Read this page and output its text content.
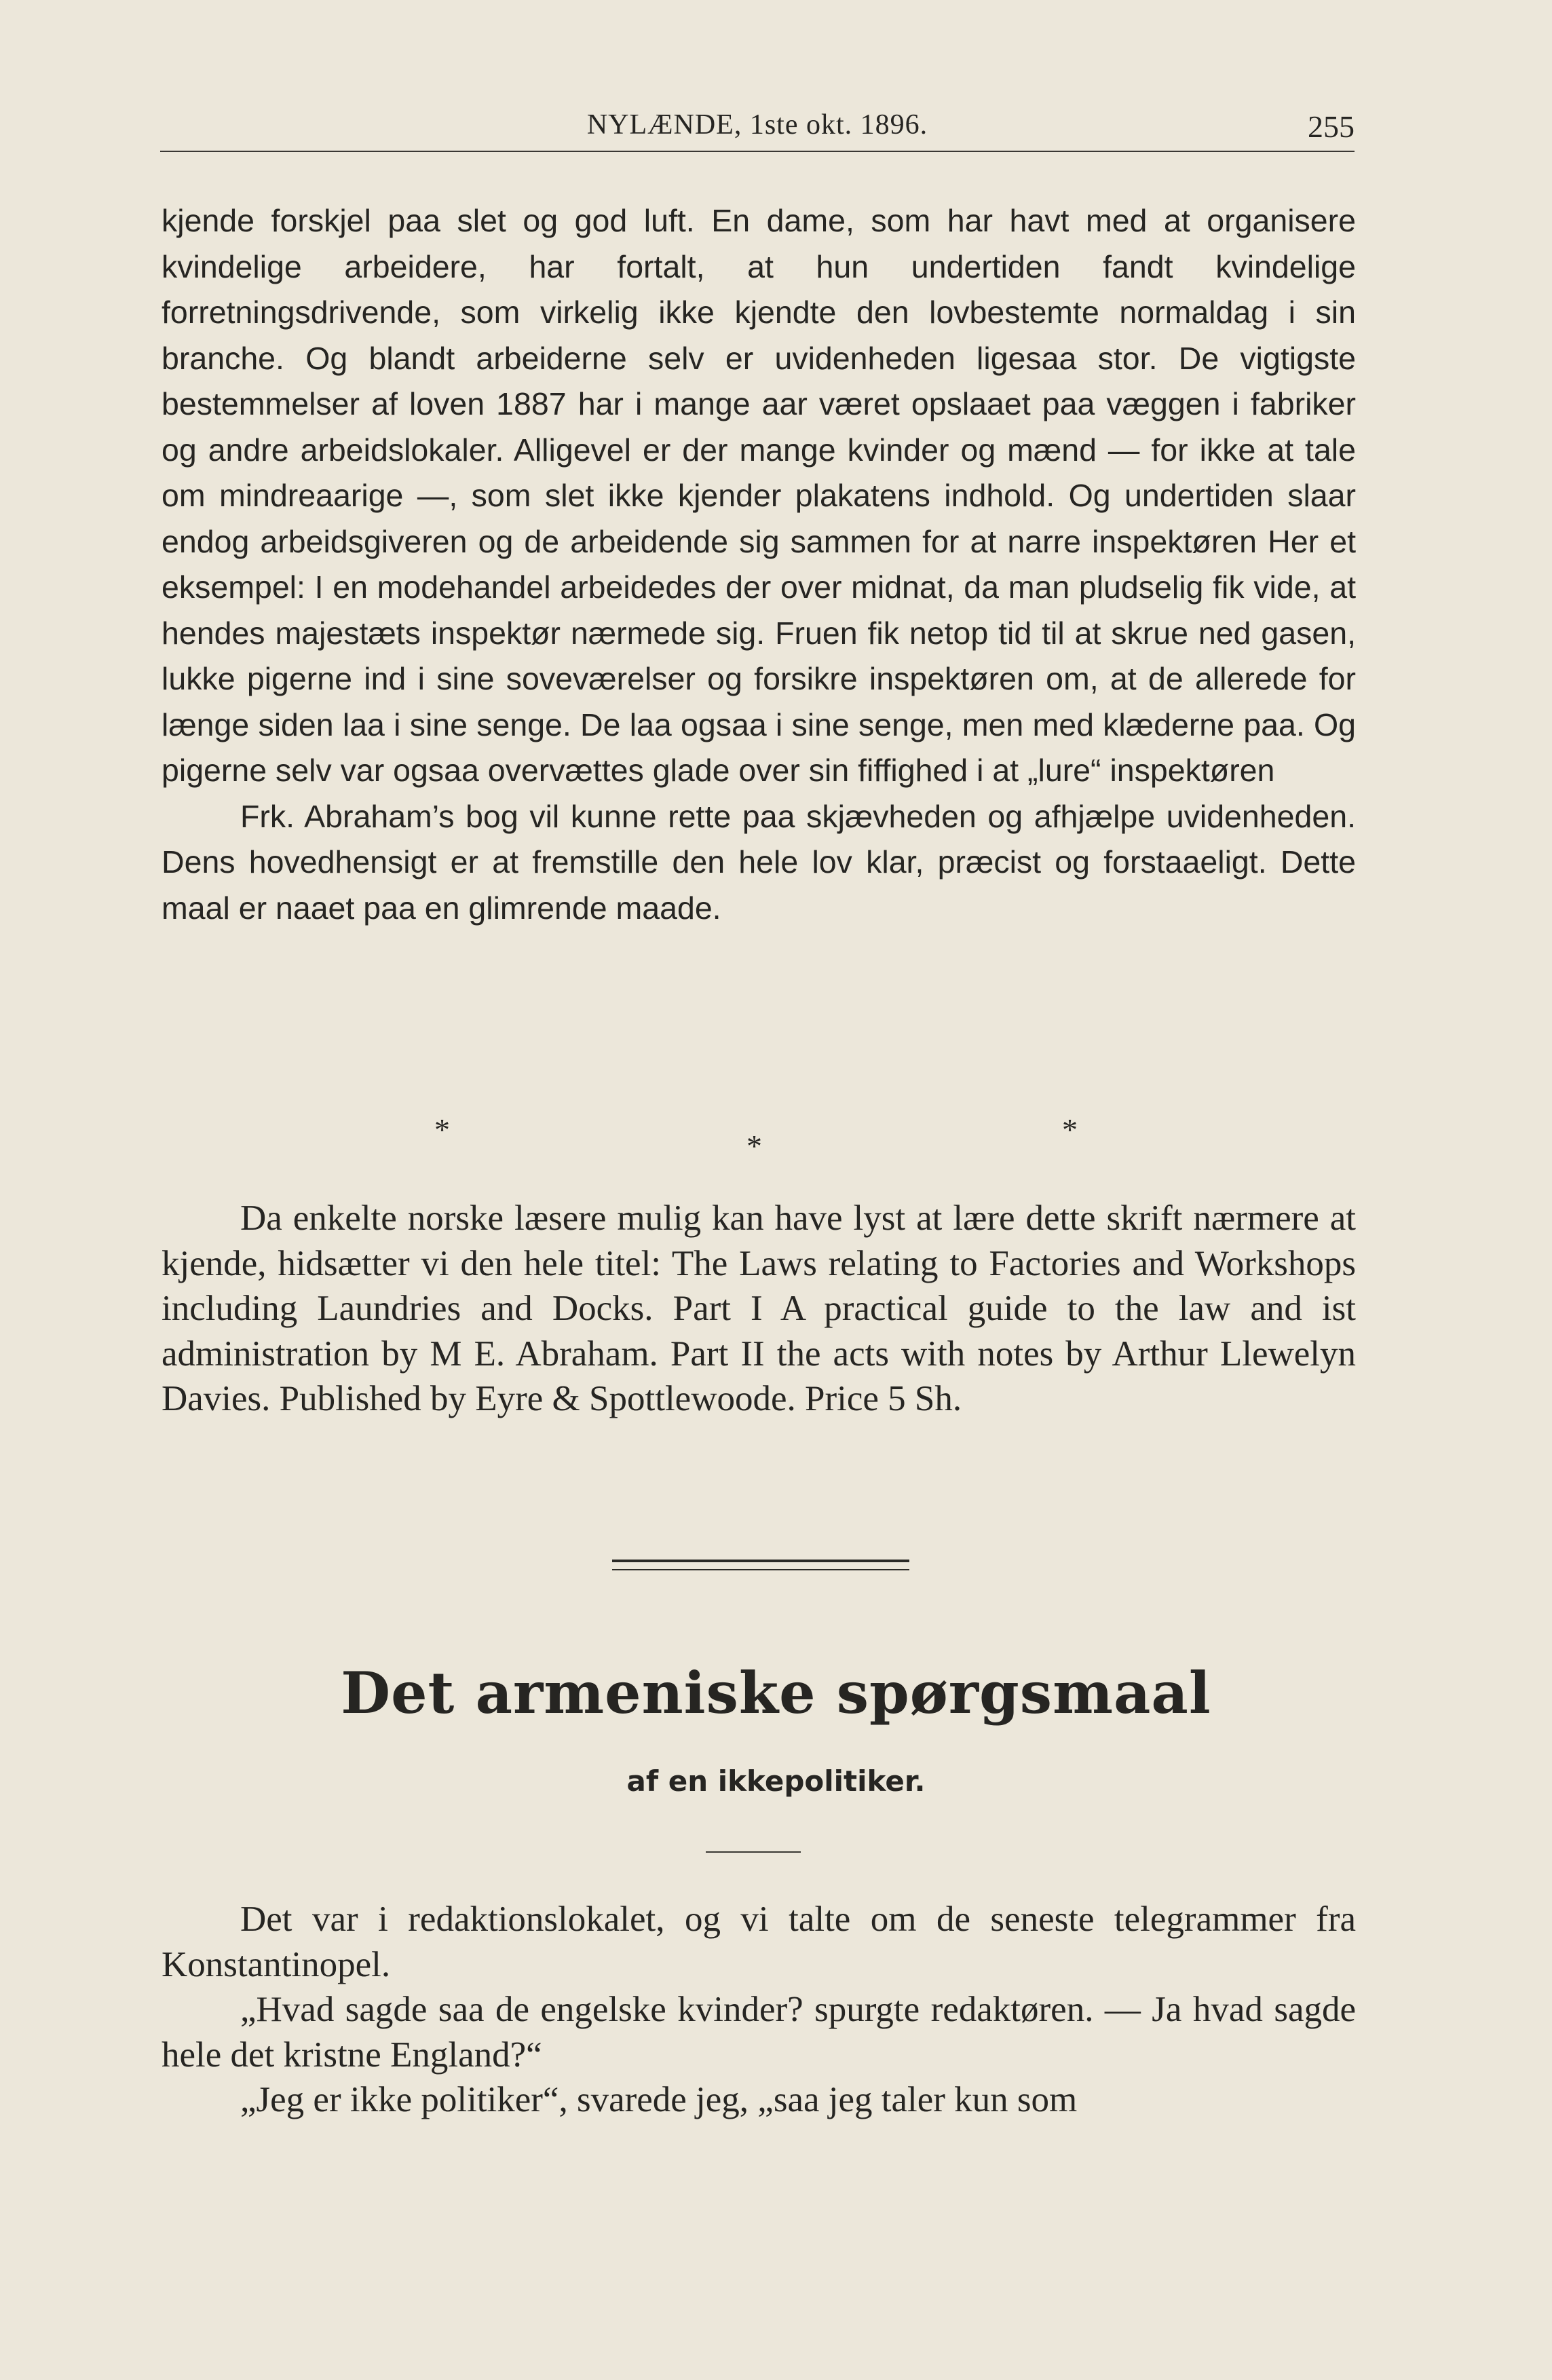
NYLÆNDE, 1ste okt. 1896.	255

kjende forskjel paa slet og god luft. En dame, som har havt med at organisere kvindelige arbeidere, har fortalt, at hun undertiden fandt kvindelige forretningsdrivende, som virkelig ikke kjendte den lovbestemte normaldag i sin branche. Og blandt arbeiderne selv er uvidenheden ligesaa stor. De vigtigste bestemmelser af loven 1887 har i mange aar været opslaaet paa væggen i fabriker og andre arbeidslokaler. Alligevel er der mange kvinder og mænd — for ikke at tale om mindreaarige —, som slet ikke kjender plakatens indhold. Og undertiden slaar endog arbeidsgiveren og de arbeidende sig sammen for at narre inspektøren Her et eksempel: I en modehandel arbeidedes der over midnat, da man pludselig fik vide, at hendes majestæts inspektør nærmede sig. Fruen fik netop tid til at skrue ned gasen, lukke pigerne ind i sine soveværelser og forsikre inspektøren om, at de allerede for længe siden laa i sine senge. De laa ogsaa i sine senge, men med klæderne paa. Og pigerne selv var ogsaa overvættes glade over sin fiffighed i at „lure“ inspektøren

Frk. Abraham’s bog vil kunne rette paa skjævheden og afhjælpe uvidenheden. Dens hovedhensigt er at fremstille den hele lov klar, præcist og forstaaeligt. Dette maal er naaet paa en glimrende maade.

*	*	*

Da enkelte norske læsere mulig kan have lyst at lære dette skrift nærmere at kjende, hidsætter vi den hele titel: The Laws relating to Factories and Workshops including Laundries and Docks. Part I A practical guide to the law and ist administration by M E. Abraham. Part II the acts with notes by Arthur Llewelyn Davies. Published by Eyre & Spottlewoode. Price 5 Sh.

Det armeniske spørgsmaal
af en ikkepolitiker.

Det var i redaktionslokalet, og vi talte om de seneste telegrammer fra Konstantinopel.

„Hvad sagde saa de engelske kvinder? spurgte redaktøren. — Ja hvad sagde hele det kristne England?“

„Jeg er ikke politiker“, svarede jeg, „saa jeg taler kun som
